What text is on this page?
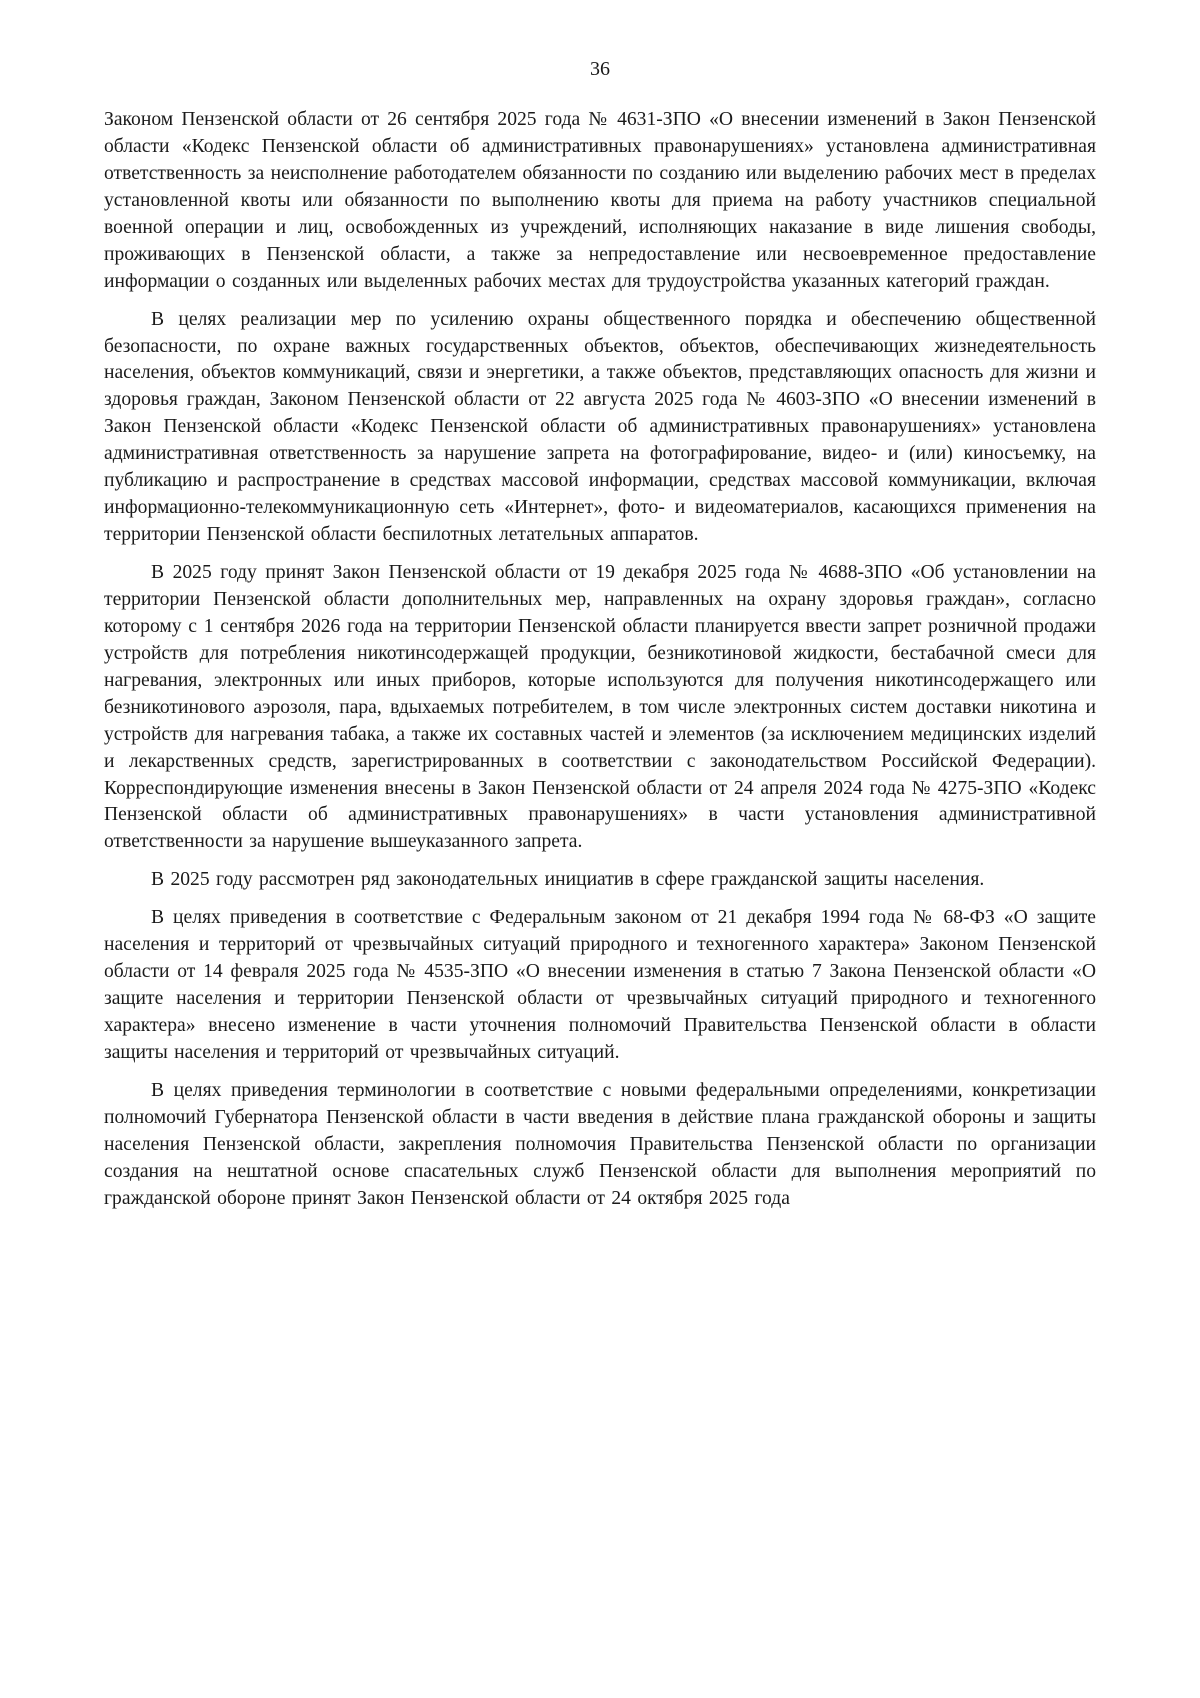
36

Законом Пензенской области от 26 сентября 2025 года № 4631-ЗПО «О внесении изменений в Закон Пензенской области «Кодекс Пензенской области об административных правонарушениях» установлена административная ответственность за неисполнение работодателем обязанности по созданию или выделению рабочих мест в пределах установленной квоты или обязанности по выполнению квоты для приема на работу участников специальной военной операции и лиц, освобожденных из учреждений, исполняющих наказание в виде лишения свободы, проживающих в Пензенской области, а также за непредоставление или несвоевременное предоставление информации о созданных или выделенных рабочих местах для трудоустройства указанных категорий граждан.

В целях реализации мер по усилению охраны общественного порядка и обеспечению общественной безопасности, по охране важных государственных объектов, объектов, обеспечивающих жизнедеятельность населения, объектов коммуникаций, связи и энергетики, а также объектов, представляющих опасность для жизни и здоровья граждан, Законом Пензенской области от 22 августа 2025 года № 4603-ЗПО «О внесении изменений в Закон Пензенской области «Кодекс Пензенской области об административных правонарушениях» установлена административная ответственность за нарушение запрета на фотографирование, видео- и (или) киносъемку, на публикацию и распространение в средствах массовой информации, средствах массовой коммуникации, включая информационно-телекоммуникационную сеть «Интернет», фото- и видеоматериалов, касающихся применения на территории Пензенской области беспилотных летательных аппаратов.

В 2025 году принят Закон Пензенской области от 19 декабря 2025 года № 4688-ЗПО «Об установлении на территории Пензенской области дополнительных мер, направленных на охрану здоровья граждан», согласно которому с 1 сентября 2026 года на территории Пензенской области планируется ввести запрет розничной продажи устройств для потребления никотинсодержащей продукции, безникотиновой жидкости, бестабачной смеси для нагревания, электронных или иных приборов, которые используются для получения никотинсодержащего или безникотинового аэрозоля, пара, вдыхаемых потребителем, в том числе электронных систем доставки никотина и устройств для нагревания табака, а также их составных частей и элементов (за исключением медицинских изделий и лекарственных средств, зарегистрированных в соответствии с законодательством Российской Федерации). Корреспондирующие изменения внесены в Закон Пензенской области от 24 апреля 2024 года № 4275-ЗПО «Кодекс Пензенской области об административных правонарушениях» в части установления административной ответственности за нарушение вышеуказанного запрета.

В 2025 году рассмотрен ряд законодательных инициатив в сфере гражданской защиты населения.

В целях приведения в соответствие с Федеральным законом от 21 декабря 1994 года № 68-ФЗ «О защите населения и территорий от чрезвычайных ситуаций природного и техногенного характера» Законом Пензенской области от 14 февраля 2025 года № 4535-ЗПО «О внесении изменения в статью 7 Закона Пензенской области «О защите населения и территории Пензенской области от чрезвычайных ситуаций природного и техногенного характера» внесено изменение в части уточнения полномочий Правительства Пензенской области в области защиты населения и территорий от чрезвычайных ситуаций.

В целях приведения терминологии в соответствие с новыми федеральными определениями, конкретизации полномочий Губернатора Пензенской области в части введения в действие плана гражданской обороны и защиты населения Пензенской области, закрепления полномочия Правительства Пензенской области по организации создания на нештатной основе спасательных служб Пензенской области для выполнения мероприятий по гражданской обороне принят Закон Пензенской области от 24 октября 2025 года
